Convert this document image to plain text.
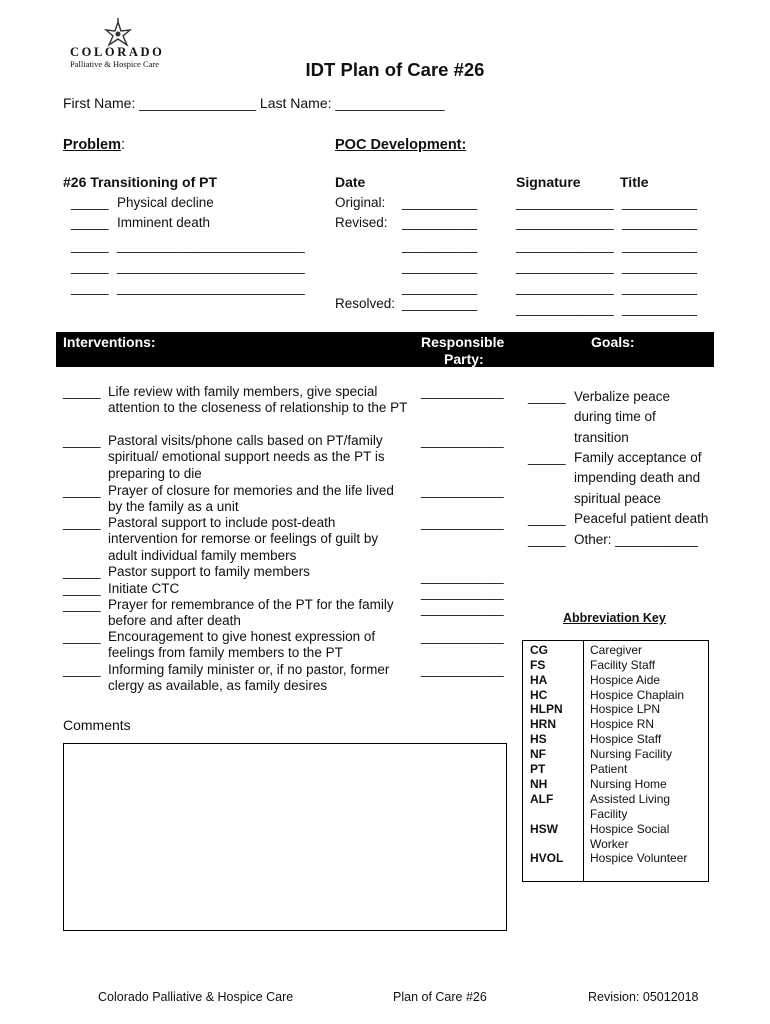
COLORADO
Palliative & Hospice Care	IDT Plan of Care #26
First Name: _______________ Last Name: ______________
Problem:
#26 Transitioning of PT
_____ Physical decline
_____ Imminent death
_____ _________________________
_____ _________________________
_____ _________________________
POC Development:
Date	Signature	Title
Original: __________	_____________ __________
Revised: __________	_____________ __________
__________	_____________ __________
__________	_____________ __________
__________	_____________ __________
Resolved: __________	_____________ __________
Interventions:	Responsible
Party:
Goals:
_____ Life review with family members, give special attention to the closeness of relationship to the PT
___________
_____ Pastoral visits/phone calls based on PT/family spiritual/ emotional support needs as the PT is preparing to die
___________
_____ Prayer of closure for memories and the life lived by the family as a unit
___________
_____ Pastoral support to include post-death intervention for remorse or feelings of guilt by adult individual family members
___________
_____ Pastor support to family members	___________
_____ Initiate CTC	___________
_____ Prayer for remembrance of the PT for the family before and after death
___________
_____ Encouragement to give honest expression of feelings from family members to the PT
___________
_____ Informing family minister or, if no pastor, former clergy as available, as family desires
___________
_____ Verbalize peace during time of transition
_____ Family acceptance of impending death and spiritual peace
_____ Peaceful patient death
_____ Other: ___________
Abbreviation Key
CG	Caregiver
FS	Facility Staff
HA	Hospice Aide
HC	Hospice Chaplain
HLPN Hospice LPN
HRN	Hospice RN
HS	Hospice Staff
NF	Nursing Facility
PT	Patient
NH	Nursing Home
ALF	Assisted Living Facility
HSW	Hospice Social Worker
HVOL Hospice Volunteer
Comments
Colorado Palliative & Hospice Care	Plan of Care #26	Revision: 05012018
